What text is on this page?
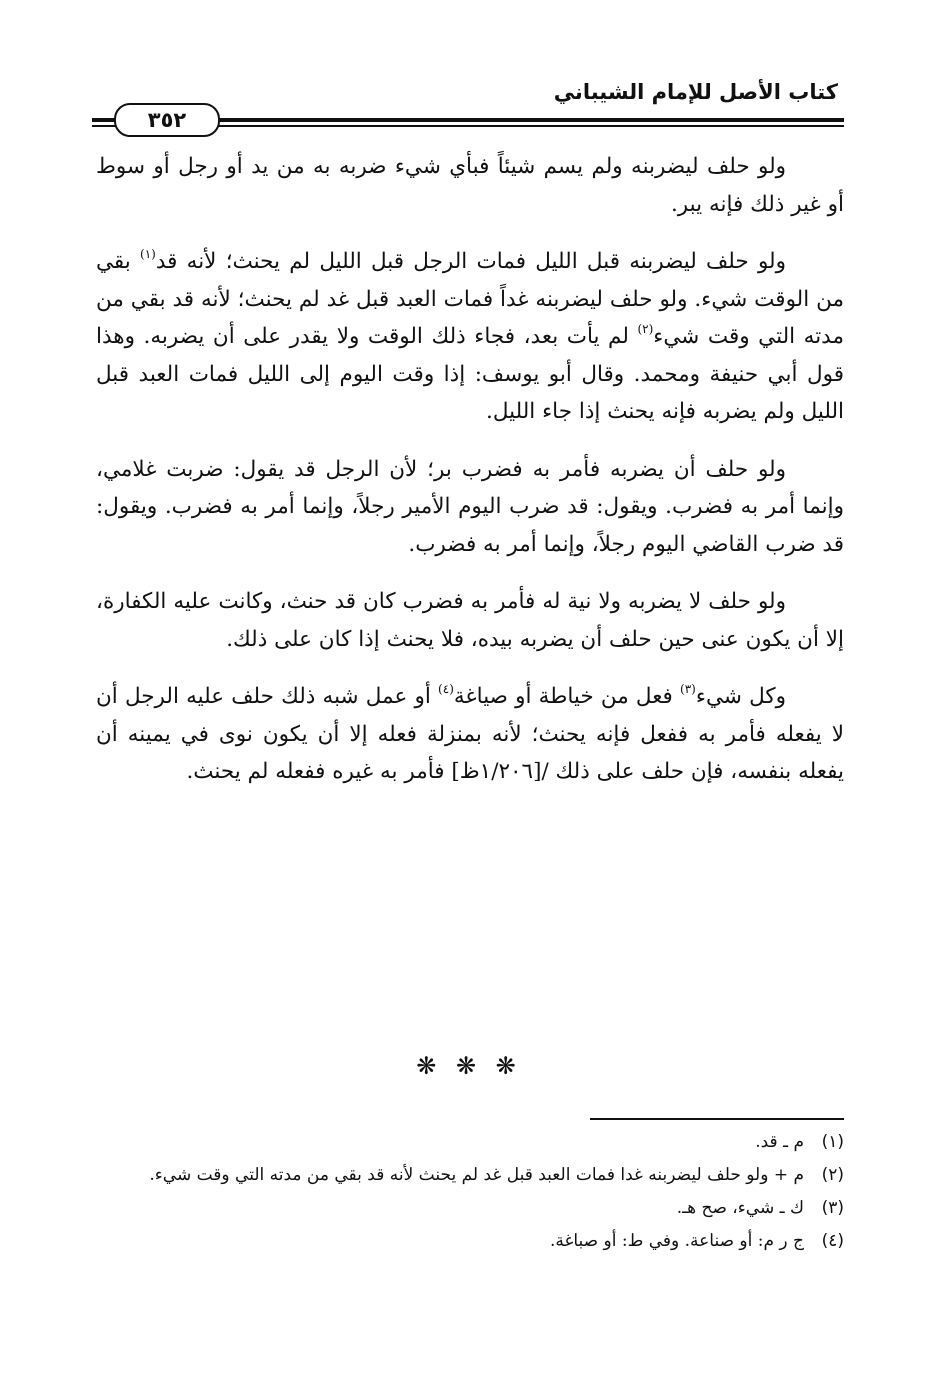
كتاب الأصل للإمام الشيباني
٣٥٢

ولو حلف ليضربنه ولم يسم شيئاً فبأي شيء ضربه به من يد أو رجل أو سوط أو غير ذلك فإنه يبر.

ولو حلف ليضربنه قبل الليل فمات الرجل قبل الليل لم يحنث؛ لأنه قد$^{(١)}$ بقي من الوقت شيء. ولو حلف ليضربنه غداً فمات العبد قبل غد لم يحنث؛ لأنه قد بقي من مدته التي وقت شيء$^{(٢)}$ لم يأت بعد، فجاء ذلك الوقت ولا يقدر على أن يضربه. وهذا قول أبي حنيفة ومحمد. وقال أبو يوسف: إذا وقت اليوم إلى الليل فمات العبد قبل الليل ولم يضربه فإنه يحنث إذا جاء الليل.

ولو حلف أن يضربه فأمر به فضرب بر؛ لأن الرجل قد يقول: ضربت غلامي، وإنما أمر به فضرب. ويقول: قد ضرب اليوم الأمير رجلاً، وإنما أمر به فضرب. ويقول: قد ضرب القاضي اليوم رجلاً، وإنما أمر به فضرب.

ولو حلف لا يضربه ولا نية له فأمر به فضرب كان قد حنث، وكانت عليه الكفارة، إلا أن يكون عنى حين حلف أن يضربه بيده، فلا يحنث إذا كان على ذلك.

وكل شيء$^{(٣)}$ فعل من خياطة أو صياغة$^{(٤)}$ أو عمل شبه ذلك حلف عليه الرجل أن لا يفعله فأمر به ففعل فإنه يحنث؛ لأنه بمنزلة فعله إلا أن يكون نوى في يمينه أن يفعله بنفسه، فإن حلف على ذلك /[١/٢٠٦ظ] فأمر به غيره ففعله لم يحنث.

❋ ❋ ❋
(١)
م ـ قد.
(٢)
م + ولو حلف ليضربنه غدا فمات العبد قبل غد لم يحنث لأنه قد بقي من مدته التي وقت شيء.
(٣)
ك ـ شيء، صح هـ.
(٤)
ج ر م: أو صناعة. وفي ط: أو صباغة.
